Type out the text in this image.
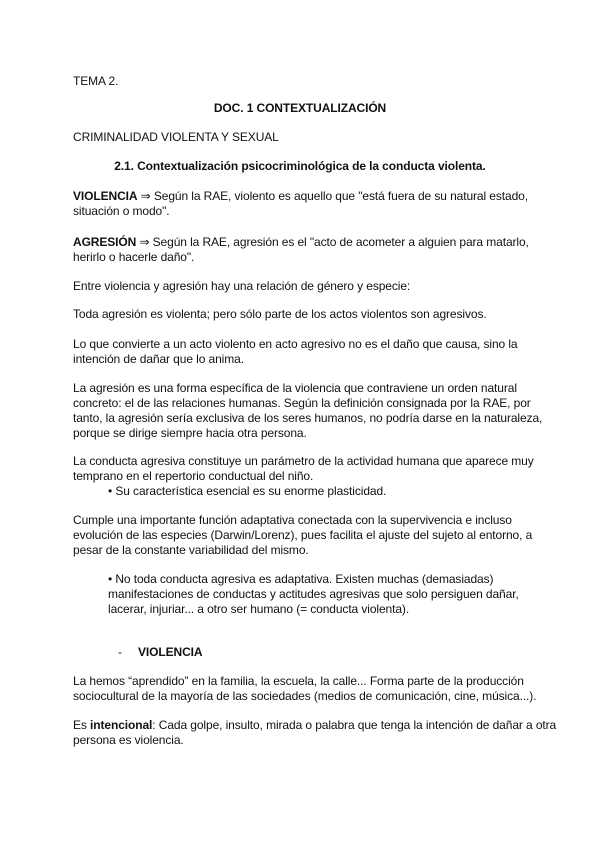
TEMA 2.
DOC. 1 CONTEXTUALIZACIÓN
CRIMINALIDAD VIOLENTA Y SEXUAL
2.1. Contextualización psicocriminológica de la conducta violenta.
VIOLENCIA ⇒ Según la RAE, violento es aquello que "está fuera de su natural estado,
situación o modo".
AGRESIÓN ⇒ Según la RAE, agresión es el "acto de acometer a alguien para matarlo,
herirlo o hacerle daño".
Entre violencia y agresión hay una relación de género y especie:
Toda agresión es violenta; pero sólo parte de los actos violentos son agresivos.
Lo que convierte a un acto violento en acto agresivo no es el daño que causa, sino la
intención de dañar que lo anima.
La agresión es una forma específica de la violencia que contraviene un orden natural
concreto: el de las relaciones humanas. Según la definición consignada por la RAE, por
tanto, la agresión sería exclusiva de los seres humanos, no podría darse en la naturaleza,
porque se dirige siempre hacia otra persona.
La conducta agresiva constituye un parámetro de la actividad humana que aparece muy
temprano en el repertorio conductual del niño.
• Su característica esencial es su enorme plasticidad.
Cumple una importante función adaptativa conectada con la supervivencia e incluso
evolución de las especies (Darwin/Lorenz), pues facilita el ajuste del sujeto al entorno, a
pesar de la constante variabilidad del mismo.
• No toda conducta agresiva es adaptativa. Existen muchas (demasiadas)
manifestaciones de conductas y actitudes agresivas que solo persiguen dañar,
lacerar, injuriar... a otro ser humano (= conducta violenta).
- VIOLENCIA
La hemos “aprendido” en la familia, la escuela, la calle... Forma parte de la producción
sociocultural de la mayoría de las sociedades (medios de comunicación, cine, música...).
Es intencional: Cada golpe, insulto, mirada o palabra que tenga la intención de dañar a otra
persona es violencia.
